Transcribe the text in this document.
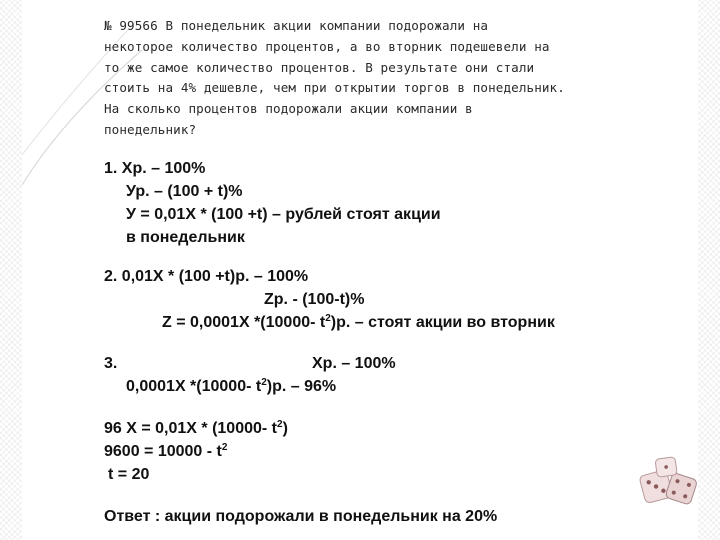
№ 99566 В понедельник акции компании подорожали на
некоторое количество процентов, а во вторник подешевели на
то же самое количество процентов. В результате они стали
стоить на 4% дешевле, чем при открытии торгов в понедельник.
На сколько процентов подорожали акции компании в
понедельник?
1. Хр. – 100%
Ур. – (100 + t)%
У = 0,01Х * (100 +t) – рублей стоят акции
в понедельник
2. 0,01Х * (100 +t)р. – 100%
Zр. - (100-t)%
Z = 0,0001Х *(10000- $t^2)р$. – стоят акции во вторник
3.	Хр. – 100%
0,0001Х *(10000- $t^2)р$. – 96%
96 Х = 0,01Х * (10000- $t^2$)
$9600 = 10000 - t^2$
t = 20
Ответ : акции подорожали в понедельник на 20%
